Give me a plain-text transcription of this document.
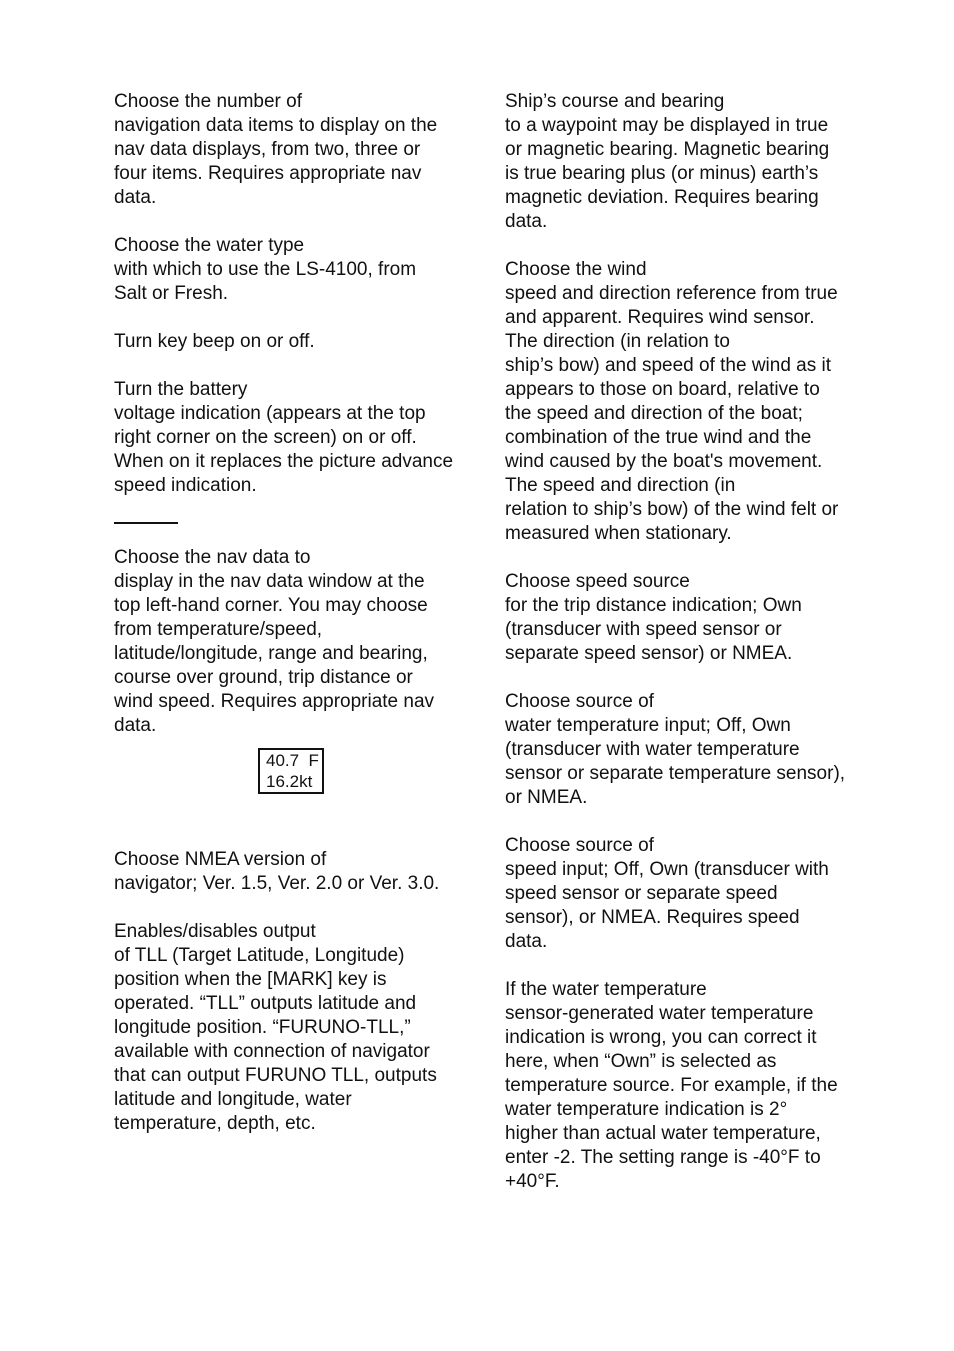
Choose the number of
navigation data items to display on the
nav data displays, from two, three or
four items. Requires appropriate nav
data.

Choose the water type
with which to use the LS-4100, from
Salt or Fresh.

Turn key beep on or off.

Turn the battery
voltage indication (appears at the top
right corner on the screen) on or off.
When on it replaces the picture advance
speed indication.

Choose the nav data to
display in the nav data window at the
top left-hand corner. You may choose
from temperature/speed,
latitude/longitude, range and bearing,
course over ground, trip distance or
wind speed. Requires appropriate nav
data.

40.7  F
16.2kt

Choose NMEA version of
navigator; Ver. 1.5, Ver. 2.0 or Ver. 3.0.

Enables/disables output
of TLL (Target Latitude, Longitude)
position when the [MARK] key is
operated. “TLL” outputs latitude and
longitude position. “FURUNO-TLL,”
available with connection of navigator
that can output FURUNO TLL, outputs
latitude and longitude, water
temperature, depth, etc.

Ship’s course and bearing
to a waypoint may be displayed in true
or magnetic bearing. Magnetic bearing
is true bearing plus (or minus) earth’s
magnetic deviation. Requires bearing
data.

Choose the wind
speed and direction reference from true
and apparent. Requires wind sensor.
The direction (in relation to
ship’s bow) and speed of the wind as it
appears to those on board, relative to
the speed and direction of the boat;
combination of the true wind and the
wind caused by the boat's movement.
The speed and direction (in
relation to ship’s bow) of the wind felt or
measured when stationary.

Choose speed source
for the trip distance indication; Own
(transducer with speed sensor or
separate speed sensor) or NMEA.

Choose source of
water temperature input; Off, Own
(transducer with water temperature
sensor or separate temperature sensor),
or NMEA.

Choose source of
speed input; Off, Own (transducer with
speed sensor or separate speed
sensor), or NMEA. Requires speed
data.

If the water temperature
sensor-generated water temperature
indication is wrong, you can correct it
here, when “Own” is selected as
temperature source. For example, if the
water temperature indication is 2°
higher than actual water temperature,
enter -2. The setting range is -40°F to
+40°F.
